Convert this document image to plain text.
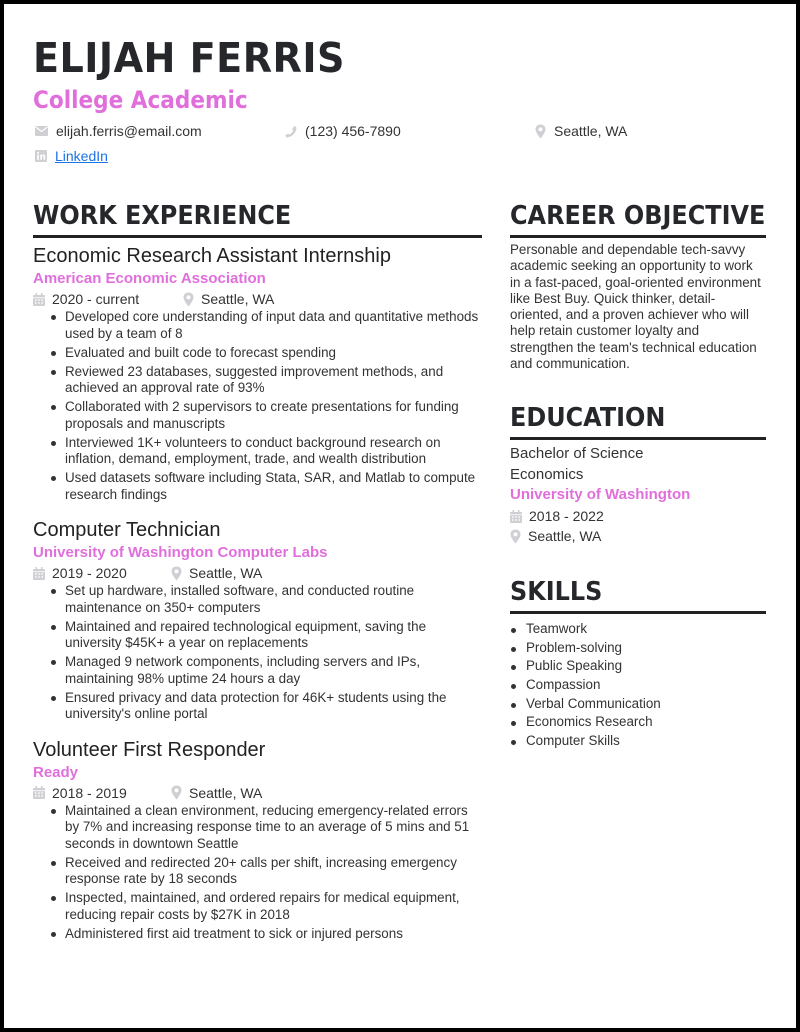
ELIJAH FERRIS
College Academic
elijah.ferris@email.com	(123) 456-7890	Seattle, WA
LinkedIn
WORK EXPERIENCE
Economic Research Assistant Internship
American Economic Association
2020 - current	Seattle, WA
Developed core understanding of input data and quantitative methods used by a team of 8
Evaluated and built code to forecast spending
Reviewed 23 databases, suggested improvement methods, and achieved an approval rate of 93%
Collaborated with 2 supervisors to create presentations for funding proposals and manuscripts
Interviewed 1K+ volunteers to conduct background research on inflation, demand, employment, trade, and wealth distribution
Used datasets software including Stata, SAR, and Matlab to compute research findings
Computer Technician
University of Washington Computer Labs
2019 - 2020	Seattle, WA
Set up hardware, installed software, and conducted routine maintenance on 350+ computers
Maintained and repaired technological equipment, saving the university $45K+ a year on replacements
Managed 9 network components, including servers and IPs, maintaining 98% uptime 24 hours a day
Ensured privacy and data protection for 46K+ students using the university's online portal
Volunteer First Responder
Ready
2018 - 2019	Seattle, WA
Maintained a clean environment, reducing emergency-related errors by 7% and increasing response time to an average of 5 mins and 51 seconds in downtown Seattle
Received and redirected 20+ calls per shift, increasing emergency response rate by 18 seconds
Inspected, maintained, and ordered repairs for medical equipment, reducing repair costs by $27K in 2018
Administered first aid treatment to sick or injured persons
CAREER OBJECTIVE

Personable and dependable tech-savvy academic seeking an opportunity to work in a fast-paced, goal-oriented environment like Best Buy. Quick thinker, detail-oriented, and a proven achiever who will help retain customer loyalty and strengthen the team's technical education and communication.

EDUCATION
Bachelor of Science
Economics
University of Washington
2018 - 2022
Seattle, WA
SKILLS
Teamwork
Problem-solving
Public Speaking
Compassion
Verbal Communication
Economics Research
Computer Skills
